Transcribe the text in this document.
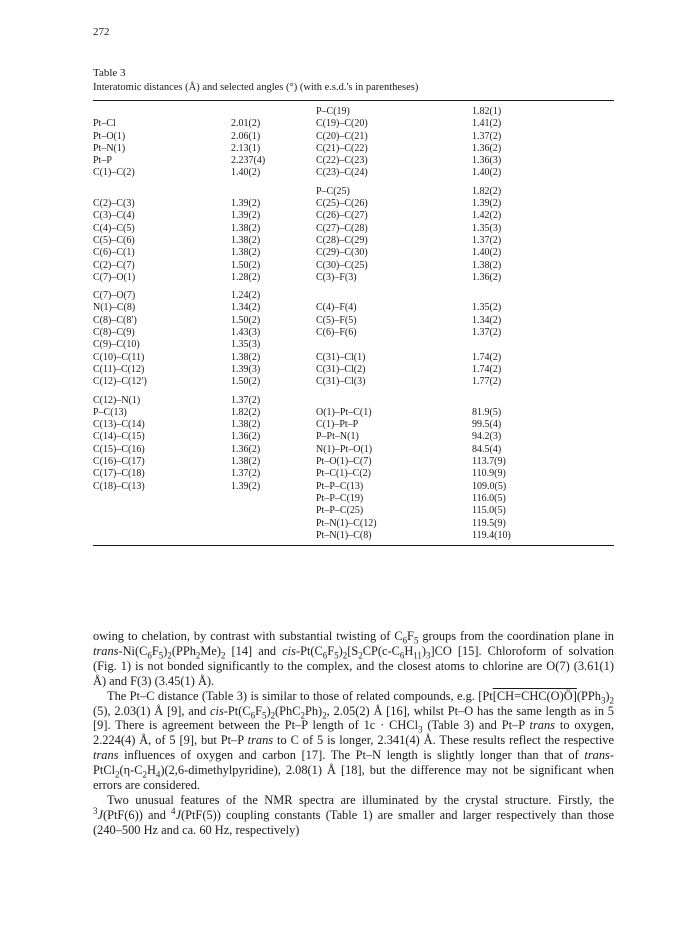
272
Table 3
Interatomic distances (Å) and selected angles (°) (with e.s.d.'s in parentheses)
		P–C(19)	1.82(1)
Pt–Cl	2.01(2)	C(19)–C(20)	1.41(2)
Pt–O(1)	2.06(1)	C(20)–C(21)	1.37(2)
Pt–N(1)	2.13(1)	C(21)–C(22)	1.36(2)
Pt–P	2.237(4)	C(22)–C(23)	1.36(3)
C(1)–C(2)	1.40(2)	C(23)–C(24)	1.40(2)

		P–C(25)	1.82(2)
C(2)–C(3)	1.39(2)	C(25)–C(26)	1.39(2)
C(3)–C(4)	1.39(2)	C(26)–C(27)	1.42(2)
C(4)–C(5)	1.38(2)	C(27)–C(28)	1.35(3)
C(5)–C(6)	1.38(2)	C(28)–C(29)	1.37(2)
C(6)–C(1)	1.38(2)	C(29)–C(30)	1.40(2)
C(2)–C(7)	1.50(2)	C(30)–C(25)	1.38(2)
C(7)–O(1)	1.28(2)	C(3)–F(3)	1.36(2)

C(7)–O(7)	1.24(2)		
N(1)–C(8)	1.34(2)	C(4)–F(4)	1.35(2)
C(8)–C(8′)	1.50(2)	C(5)–F(5)	1.34(2)
C(8)–C(9)	1.43(3)	C(6)–F(6)	1.37(2)
C(9)–C(10)	1.35(3)		
C(10)–C(11)	1.38(2)	C(31)–Cl(1)	1.74(2)
C(11)–C(12)	1.39(3)	C(31)–Cl(2)	1.74(2)
C(12)–C(12′)	1.50(2)	C(31)–Cl(3)	1.77(2)

C(12)–N(1)	1.37(2)		
P–C(13)	1.82(2)	O(1)–Pt–C(1)	81.9(5)
C(13)–C(14)	1.38(2)	C(1)–Pt–P	99.5(4)
C(14)–C(15)	1.36(2)	P–Pt–N(1)	94.2(3)
C(15)–C(16)	1.36(2)	N(1)–Pt–O(1)	84.5(4)
C(16)–C(17)	1.38(2)	Pt–O(1)–C(7)	113.7(9)
C(17)–C(18)	1.37(2)	Pt–C(1)–C(2)	110.9(9)
C(18)–C(13)	1.39(2)	Pt–P–C(13)	109.0(5)
		Pt–P–C(19)	116.0(5)
		Pt–P–C(25)	115.0(5)
		Pt–N(1)–C(12)	119.5(9)
		Pt–N(1)–C(8)	119.4(10)

owing to chelation, by contrast with substantial twisting of $C_6F_5$ groups from the coordination plane in trans-$Ni(C_6F_5)_2(PPh_2Me)_2$ [14] and cis-$Pt(C_6F_5)_2[S_2CP(c-C_6H_{11})_3]CO$ [15]. Chloroform of solvation (Fig. 1) is not bonded significantly to the complex, and the closest atoms to chlorine are O(7) (3.61(1) Å) and F(3) (3.45(1) Å).

The Pt–C distance (Table 3) is similar to those of related compounds, e.g. [$Pt[CH=CHC(O)Ö](PPh_3)_2$ (5), 2.03(1) Å [9], and cis-$Pt(C_6F_5)_2(PhC_2Ph)_2$, 2.05(2) Å [16], whilst Pt–O has the same length as in 5 [9]. There is agreement between the Pt–P length of 1c · CHCl$_3$ (Table 3) and Pt–P trans to oxygen, 2.224(4) Å, of 5 [9], but Pt–P trans to C of 5 is longer, 2.341(4) Å. These results reflect the respective trans influences of oxygen and carbon [17]. The Pt–N length is slightly longer than that of trans-$PtCl_2(\eta-C_2H_4)(2,6-dimethylpyridine)$, 2.08(1) Å [18], but the difference may not be significant when errors are considered.

Two unusual features of the NMR spectra are illuminated by the crystal structure. Firstly, the $^3$J(PtF(6)) and $^4$J(PtF(5)) coupling constants (Table 1) are smaller and larger respectively than those (240–500 Hz and ca. 60 Hz, respectively)
